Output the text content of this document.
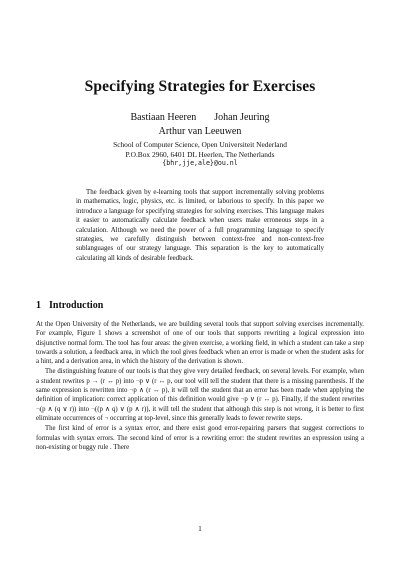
Specifying Strategies for Exercises
Bastiaan Heeren Johan Jeuring
Arthur van Leeuwen
School of Computer Science, Open Universiteit Nederland
P.O.Box 2960, 6401 DL Heerlen, The Netherlands
{bhr,jje,ale}@ou.nl

The feedback given by e-learning tools that support incrementally solving problems in mathematics, logic, physics, etc. is limited, or laborious to specify. In this paper we introduce a language for specifying strategies for solving exercises. This language makes it easier to automatically calculate feedback when users make erroneous steps in a calculation. Although we need the power of a full programming language to specify strategies, we carefully distinguish between context-free and non-context-free sublanguages of our strategy language. This separation is the key to automatically calculating all kinds of desirable feedback.

1 Introduction

At the Open University of the Netherlands, we are building several tools that support solving exercises incrementally. For example, Figure 1 shows a screenshot of one of our tools that supports rewriting a logical expression into disjunctive normal form. The tool has four areas: the given exercise, a working field, in which a student can take a step towards a solution, a feedback area, in which the tool gives feedback when an error is made or when the student asks for a hint, and a derivation area, in which the history of the derivation is shown.

The distinguishing feature of our tools is that they give very detailed feedback, on several levels. For example, when a student rewrites p → (r ↔ p) into ¬p ∨ (r ↔ p, our tool will tell the student that there is a missing parenthesis. If the same expression is rewritten into ¬p ∧ (r ↔ p), it will tell the student that an error has been made when applying the definition of implication: correct application of this definition would give ¬p ∨ (r ↔ p). Finally, if the student rewrites ¬(p ∧ (q ∨ r)) into ¬((p ∧ q) ∨ (p ∧ r)), it will tell the student that although this step is not wrong, it is better to first eliminate occurrences of ¬ occurring at top-level, since this generally leads to fewer rewrite steps.

The first kind of error is a syntax error, and there exist good error-repairing parsers that suggest corrections to formulas with syntax errors. The second kind of error is a rewriting error: the student rewrites an expression using a non-existing or buggy rule . There

1
